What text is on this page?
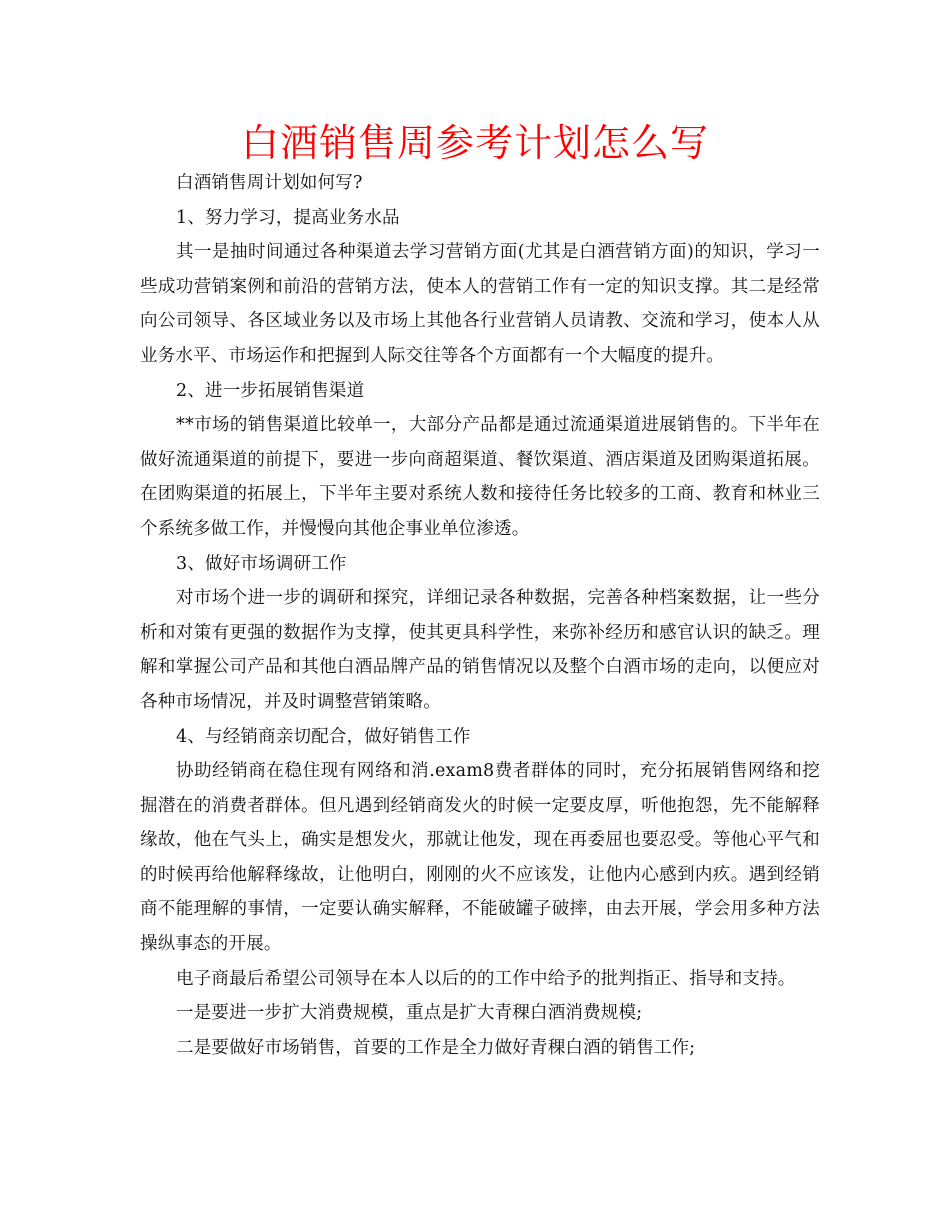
白酒销售周参考计划怎么写

白酒销售周计划如何写?

1、努力学习，提高业务水品

其一是抽时间通过各种渠道去学习营销方面(尤其是白酒营销方面)的知识，学习一些成功营销案例和前沿的营销方法，使本人的营销工作有一定的知识支撑。其二是经常向公司领导、各区域业务以及市场上其他各行业营销人员请教、交流和学习，使本人从业务水平、市场运作和把握到人际交往等各个方面都有一个大幅度的提升。

2、进一步拓展销售渠道

**市场的销售渠道比较单一，大部分产品都是通过流通渠道进展销售的。下半年在做好流通渠道的前提下，要进一步向商超渠道、餐饮渠道、酒店渠道及团购渠道拓展。在团购渠道的拓展上，下半年主要对系统人数和接待任务比较多的工商、教育和林业三个系统多做工作，并慢慢向其他企事业单位渗透。

3、做好市场调研工作

对市场个进一步的调研和探究，详细记录各种数据，完善各种档案数据，让一些分析和对策有更强的数据作为支撑，使其更具科学性，来弥补经历和感官认识的缺乏。理解和掌握公司产品和其他白酒品牌产品的销售情况以及整个白酒市场的走向，以便应对各种市场情况，并及时调整营销策略。

4、与经销商亲切配合，做好销售工作

协助经销商在稳住现有网络和消.exam8费者群体的同时，充分拓展销售网络和挖掘潜在的消费者群体。但凡遇到经销商发火的时候一定要皮厚，听他抱怨，先不能解释缘故，他在气头上，确实是想发火，那就让他发，现在再委屈也要忍受。等他心平气和的时候再给他解释缘故，让他明白，刚刚的火不应该发，让他内心感到内疚。遇到经销商不能理解的事情，一定要认确实解释，不能破罐子破摔，由去开展，学会用多种方法操纵事态的开展。

电子商最后希望公司领导在本人以后的的工作中给予的批判指正、指导和支持。

一是要进一步扩大消费规模，重点是扩大青稞白酒消费规模;

二是要做好市场销售，首要的工作是全力做好青稞白酒的销售工作;
